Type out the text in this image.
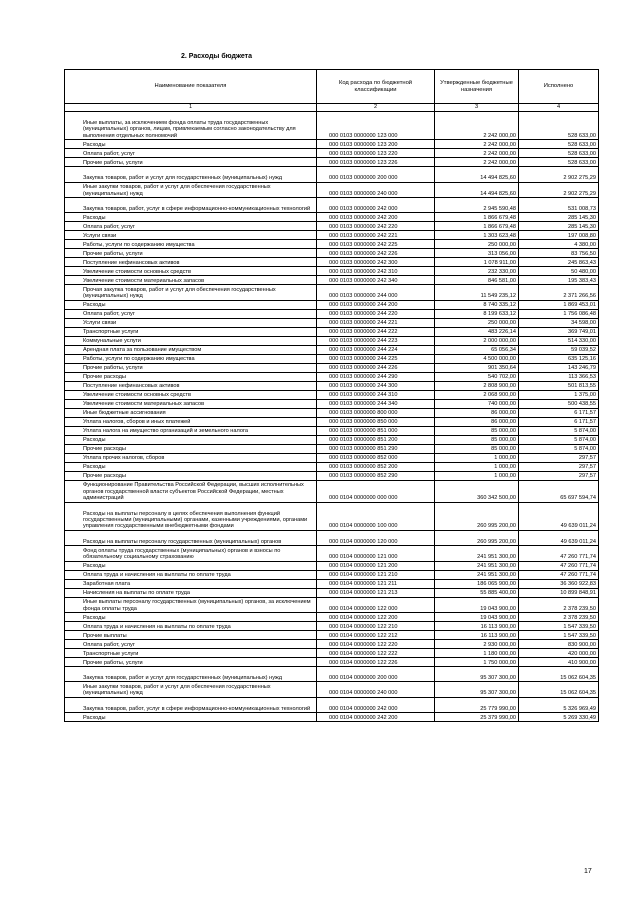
2. Расходы бюджета
Наименование показателя	Код расхода по бюджетной классификации	Утвержденные бюджетные назначения	Исполнено
1	2	3	4
Иные выплаты, за исключением фонда оплаты труда государственных (муниципальных) органов, лицам, привлекаемым согласно законодательству для выполнения отдельных полномочий	000 0103 0000000 123 000	2 242 000,00	528 633,00
Расходы	000 0103 0000000 123 200	2 242 000,00	528 633,00
Оплата работ, услуг	000 0103 0000000 123 220	2 242 000,00	528 633,00
Прочие работы, услуги	000 0103 0000000 123 226	2 242 000,00	528 633,00
Закупка товаров, работ и услуг для государственных (муниципальных) нужд	000 0103 0000000 200 000	14 494 825,60	2 902 275,29
Иные закупки товаров, работ и услуг для обеспечения государственных (муниципальных) нужд	000 0103 0000000 240 000	14 494 825,60	2 902 275,29
Закупка товаров, работ, услуг в сфере информационно-коммуникационных технологий	000 0103 0000000 242 000	2 945 590,48	531 008,73
Расходы	000 0103 0000000 242 200	1 866 679,48	285 145,30
Оплата работ, услуг	000 0103 0000000 242 220	1 866 679,48	285 145,30
Услуги связи	000 0103 0000000 242 221	1 303 623,48	197 008,80
Работы, услуги по содержанию имущества	000 0103 0000000 242 225	250 000,00	4 380,00
Прочие работы, услуги	000 0103 0000000 242 226	313 056,00	83 756,50
Поступление нефинансовых активов	000 0103 0000000 242 300	1 078 911,00	245 863,43
Увеличение стоимости основных средств	000 0103 0000000 242 310	232 330,00	50 480,00
Увеличение стоимости материальных запасов	000 0103 0000000 242 340	846 581,00	195 383,43
Прочая закупка товаров, работ и услуг для обеспечения государственных (муниципальных) нужд	000 0103 0000000 244 000	11 549 235,12	2 371 266,56
Расходы	000 0103 0000000 244 200	8 740 335,12	1 869 453,01
Оплата работ, услуг	000 0103 0000000 244 220	8 199 633,12	1 756 086,48
Услуги связи	000 0103 0000000 244 221	250 000,00	34 598,00
Транспортные услуги	000 0103 0000000 244 222	483 226,14	369 749,01
Коммунальные услуги	000 0103 0000000 244 223	2 000 000,00	514 330,00
Арендная плата за пользование имуществом	000 0103 0000000 244 224	65 056,34	59 039,52
Работы, услуги по содержанию имущества	000 0103 0000000 244 225	4 500 000,00	635 125,16
Прочие работы, услуги	000 0103 0000000 244 226	901 350,64	143 246,79
Прочие расходы	000 0103 0000000 244 290	540 702,00	113 366,53
Поступление нефинансовых активов	000 0103 0000000 244 300	2 808 900,00	501 813,55
Увеличение стоимости основных средств	000 0103 0000000 244 310	2 068 900,00	1 375,00
Увеличение стоимости материальных запасов	000 0103 0000000 244 340	740 000,00	500 438,55
Иные бюджетные ассигнования	000 0103 0000000 800 000	86 000,00	6 171,57
Уплата налогов, сборов и иных платежей	000 0103 0000000 850 000	86 000,00	6 171,57
Уплата налога на имущество организаций и земельного налога	000 0103 0000000 851 000	85 000,00	5 874,00
Расходы	000 0103 0000000 851 200	85 000,00	5 874,00
Прочие расходы	000 0103 0000000 851 290	85 000,00	5 874,00
Уплата прочих налогов, сборов	000 0103 0000000 852 000	1 000,00	297,57
Расходы	000 0103 0000000 852 200	1 000,00	297,57
Прочие расходы	000 0103 0000000 852 290	1 000,00	297,57
Функционирование Правительства Российской Федерации, высших исполнительных органов государственной власти субъектов Российской Федерации, местных администраций	000 0104 0000000 000 000	360 342 500,00	65 697 594,74
Расходы на выплаты персоналу в целях обеспечения выполнения функций государственными (муниципальными) органами, казенными учреждениями, органами управления государственными внебюджетными фондами	000 0104 0000000 100 000	260 995 200,00	49 639 011,24
Расходы на выплаты персоналу государственных (муниципальных) органов	000 0104 0000000 120 000	260 995 200,00	49 639 011,24
Фонд оплаты труда государственных (муниципальных) органов и взносы по обязательному социальному страхованию	000 0104 0000000 121 000	241 951 300,00	47 260 771,74
Расходы	000 0104 0000000 121 200	241 951 300,00	47 260 771,74
Оплата труда и начисления на выплаты по оплате труда	000 0104 0000000 121 210	241 951 300,00	47 260 771,74
Заработная плата	000 0104 0000000 121 211	186 065 900,00	36 360 922,83
Начисления на выплаты по оплате труда	000 0104 0000000 121 213	55 885 400,00	10 899 848,91
Иные выплаты персоналу государственных (муниципальных) органов, за исключением фонда оплаты труда	000 0104 0000000 122 000	19 043 900,00	2 378 239,50
Расходы	000 0104 0000000 122 200	19 043 900,00	2 378 239,50
Оплата труда и начисления на выплаты по оплате труда	000 0104 0000000 122 210	16 113 900,00	1 547 339,50
Прочие выплаты	000 0104 0000000 122 212	16 113 900,00	1 547 339,50
Оплата работ, услуг	000 0104 0000000 122 220	2 930 000,00	830 900,00
Транспортные услуги	000 0104 0000000 122 222	1 180 000,00	420 000,00
Прочие работы, услуги	000 0104 0000000 122 226	1 750 000,00	410 900,00
Закупка товаров, работ и услуг для государственных (муниципальных) нужд	000 0104 0000000 200 000	95 307 300,00	15 062 604,35
Иные закупки товаров, работ и услуг для обеспечения государственных (муниципальных) нужд	000 0104 0000000 240 000	95 307 300,00	15 062 604,35
Закупка товаров, работ, услуг в сфере информационно-коммуникационных технологий	000 0104 0000000 242 000	25 779 990,00	5 326 969,49
Расходы	000 0104 0000000 242 200	25 379 990,00	5 269 330,49
17
